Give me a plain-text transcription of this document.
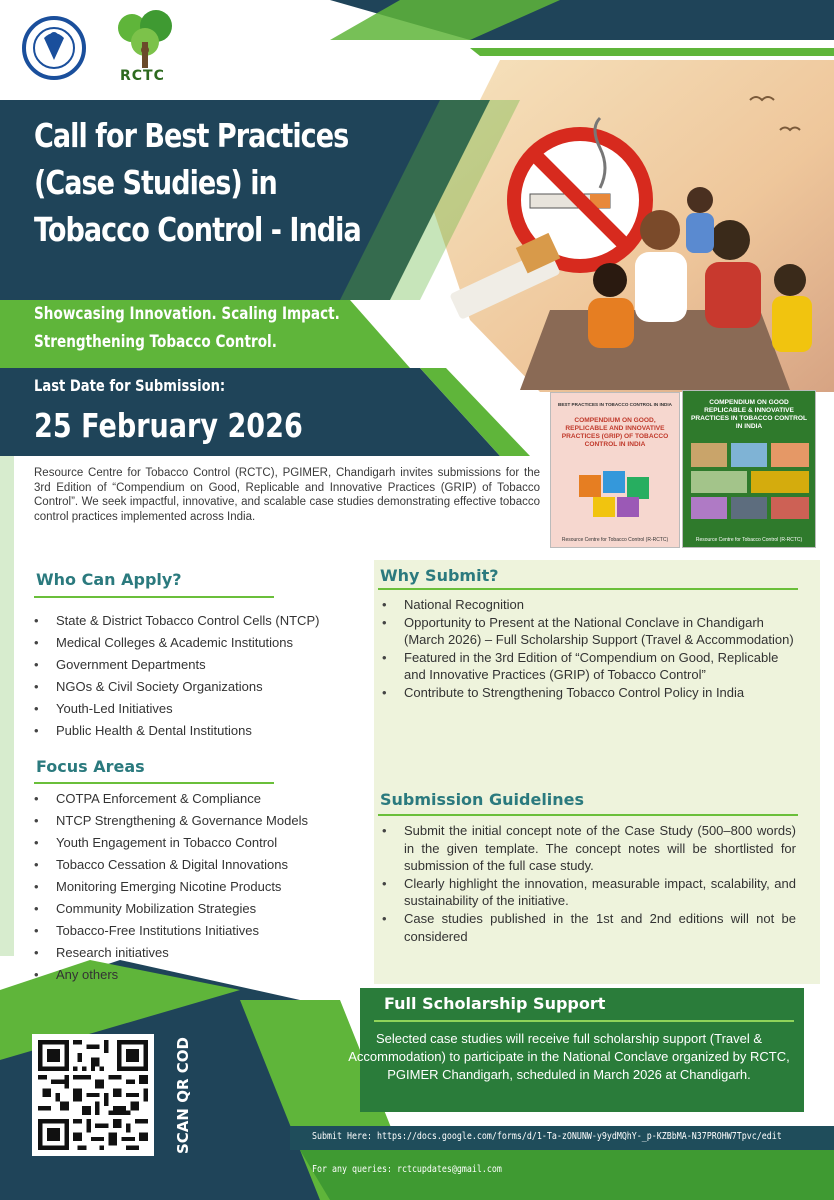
RCTC
Call for Best Practices
(Case Studies) in
Tobacco Control - India
Showcasing Innovation. Scaling Impact.
Strengthening Tobacco Control.
Last Date for Submission:
25 February 2026

Resource Centre for Tobacco Control (RCTC), PGIMER, Chandigarh invites submissions for the 3rd Edition of “Compendium on Good, Replicable and Innovative Practices (GRIP) of Tobacco Control”. We seek impactful, innovative, and scalable case studies demonstrating effective tobacco control practices implemented across India.

BEST PRACTICES IN TOBACCO CONTROL IN INDIA
COMPENDIUM ON GOOD, REPLICABLE AND INNOVATIVE PRACTICES (GRIP) OF TOBACCO CONTROL IN INDIA
Resource Centre for Tobacco Control (R-RCTC)
COMPENDIUM ON GOOD REPLICABLE & INNOVATIVE PRACTICES IN TOBACCO CONTROL IN INDIA
Resource Centre for Tobacco Control (R-RCTC)
Who Can Apply?
• State & District Tobacco Control Cells (NTCP)
• Medical Colleges & Academic Institutions
• Government Departments
• NGOs & Civil Society Organizations
• Youth-Led Initiatives
• Public Health & Dental Institutions
Focus Areas
• COTPA Enforcement & Compliance
• NTCP Strengthening & Governance Models
• Youth Engagement in Tobacco Control
• Tobacco Cessation & Digital Innovations
• Monitoring Emerging Nicotine Products
• Community Mobilization Strategies
• Tobacco-Free Institutions Initiatives
• Research initiatives
• Any others
Why Submit?
• National Recognition
• Opportunity to Present at the National Conclave in Chandigarh (March 2026) – Full Scholarship Support (Travel & Accommodation)
• Featured in the 3rd Edition of “Compendium on Good, Replicable and Innovative Practices (GRIP) of Tobacco Control”
• Contribute to Strengthening Tobacco Control Policy in India
Submission Guidelines
• Submit the initial concept note of the Case Study (500–800 words) in the given template. The concept notes will be shortlisted for submission of the full case study.
• Clearly highlight the innovation, measurable impact, scalability, and sustainability of the initiative.
• Case studies published in the 1st and 2nd editions will not be considered
Full Scholarship Support

Selected case studies will receive full scholarship support (Travel & Accommodation) to participate in the National Conclave organized by RCTC, PGIMER Chandigarh, scheduled in March 2026 at Chandigarh.

SCAN QR CODE	Submit Here: https://docs.google.com/forms/d/1-Ta-zONUNW-y9ydMQhY-_p-KZBbMA-N37PROHW7Tpvc/edit
For any queries: rctcupdates@gmail.com
